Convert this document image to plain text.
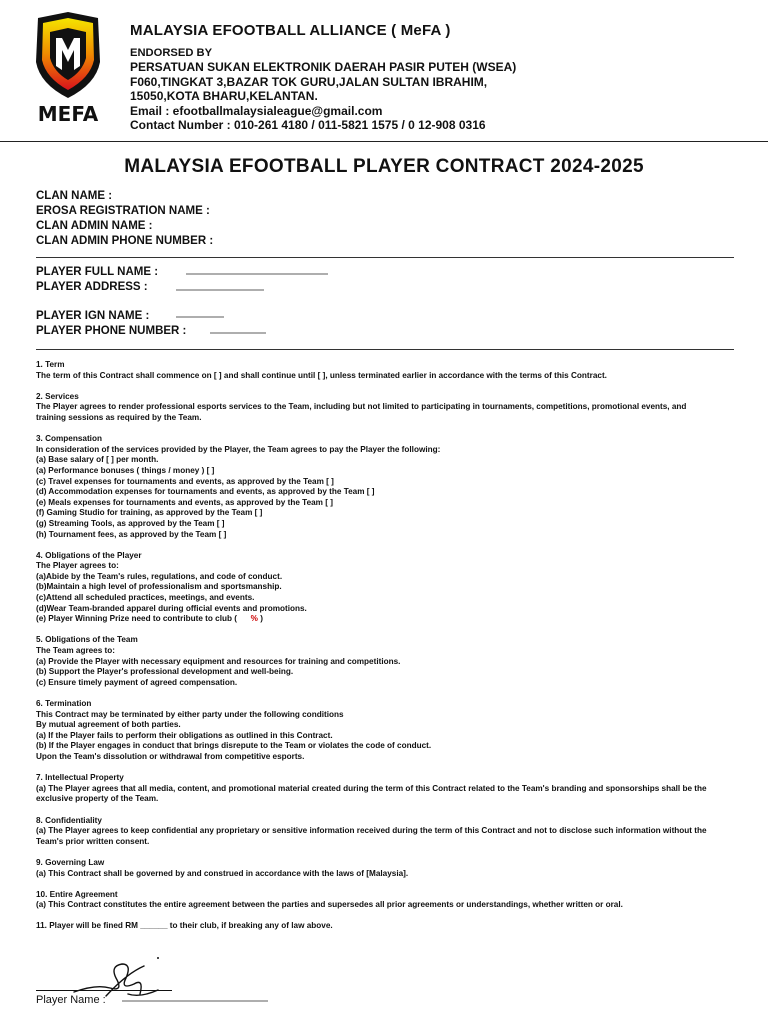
MEFA
MALAYSIA EFOOTBALL ALLIANCE ( MeFA )
ENDORSED BY
PERSATUAN SUKAN ELEKTRONIK DAERAH PASIR PUTEH (WSEA)
F060,TINGKAT 3,BAZAR TOK GURU,JALAN SULTAN IBRAHIM,
15050,KOTA BHARU,KELANTAN.
Email : efootballmalaysialeague@gmail.com
Contact Number : 010-261 4180 / 011-5821 1575 / 0 12-908 0316
MALAYSIA EFOOTBALL PLAYER CONTRACT 2024-2025
CLAN NAME :
EROSA REGISTRATION NAME :
CLAN ADMIN NAME :
CLAN ADMIN PHONE NUMBER :
PLAYER FULL NAME :
PLAYER ADDRESS :
PLAYER IGN NAME :
PLAYER PHONE NUMBER :

1. Term

The term of this Contract shall commence on [ ] and shall continue until [ ], unless terminated earlier in accordance with the terms of this Contract.

2. Services

The Player agrees to render professional esports services to the Team, including but not limited to participating in tournaments, competitions, promotional events, and

training sessions as required by the Team.

3. Compensation

In consideration of the services provided by the Player, the Team agrees to pay the Player the following:

(a) Base salary of [ ] per month.

(a) Performance bonuses ( things / money ) [ ]

(c) Travel expenses for tournaments and events, as approved by the Team [ ]

(d) Accommodation expenses for tournaments and events, as approved by the Team [ ]

(e) Meals expenses for tournaments and events, as approved by the Team [ ]

(f) Gaming Studio for training, as approved by the Team [ ]

(g) Streaming Tools, as approved by the Team [ ]

(h) Tournament fees, as approved by the Team [ ]

4. Obligations of the Player

The Player agrees to:

(a)Abide by the Team's rules, regulations, and code of conduct.

(b)Maintain a high level of professionalism and sportsmanship.

(c)Attend all scheduled practices, meetings, and events.

(d)Wear Team-branded apparel during official events and promotions.

(e) Player Winning Prize need to contribute to club (      % )

5. Obligations of the Team

The Team agrees to:

(a) Provide the Player with necessary equipment and resources for training and competitions.

(b) Support the Player's professional development and well-being.

(c) Ensure timely payment of agreed compensation.

6. Termination

This Contract may be terminated by either party under the following conditions

By mutual agreement of both parties.

(a) If the Player fails to perform their obligations as outlined in this Contract.

(b) If the Player engages in conduct that brings disrepute to the Team or violates the code of conduct.

Upon the Team's dissolution or withdrawal from competitive esports.

7. Intellectual Property

(a) The Player agrees that all media, content, and promotional material created during the term of this Contract related to the Team's branding and sponsorships shall be the

exclusive property of the Team.

8. Confidentiality

(a) The Player agrees to keep confidential any proprietary or sensitive information received during the term of this Contract and not to disclose such information without the

Team's prior written consent.

9. Governing Law

(a) This Contract shall be governed by and construed in accordance with the laws of [Malaysia].

10. Entire Agreement

(a) This Contract constitutes the entire agreement between the parties and supersedes all prior agreements or understandings, whether written or oral.

11. Player will be fined RM ______ to their club, if breaking any of law above.

Player Name :
